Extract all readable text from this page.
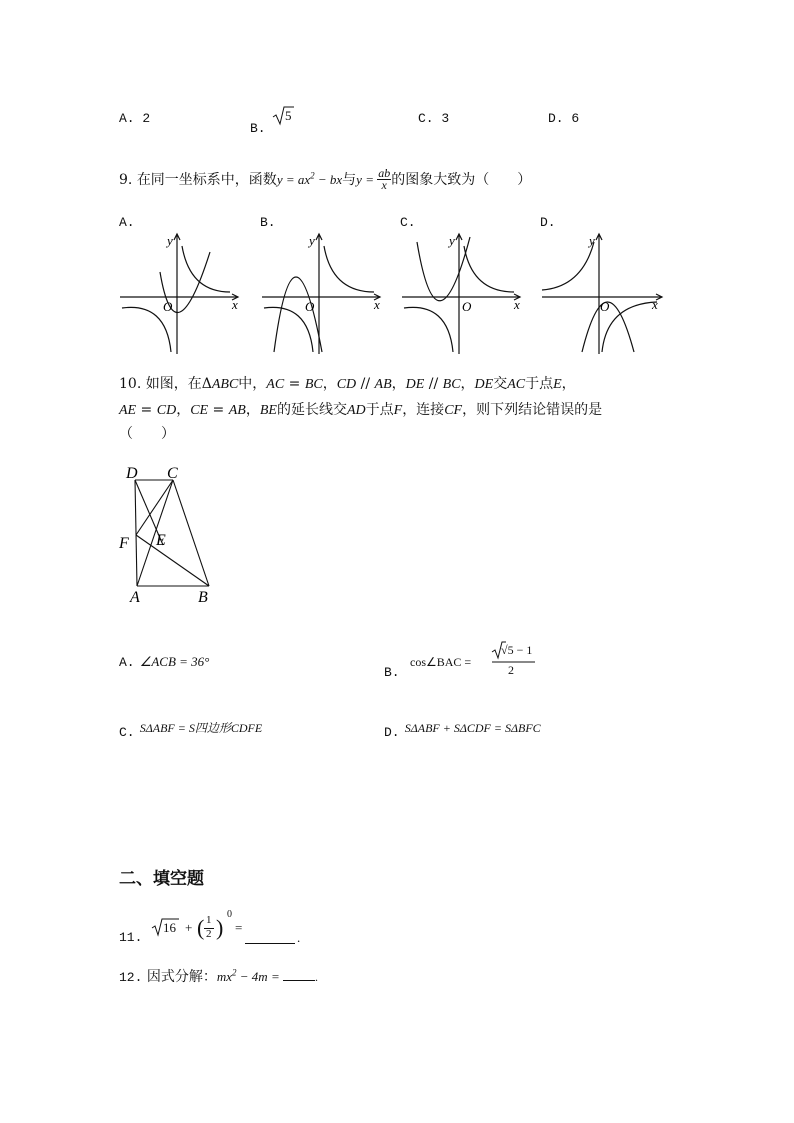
A. 2
$_{B.}$
5	C. 3	D. 6
9. 在同一坐标系中，函数$y = ax^2$ − bx与$y = \frac{ab}{x}$ 的图象大致为（　　）
A.	B.	C.	D.
y
x
O
y
x
O
y
x
O
y
x
O
10. 如图，在ΔABC中，AC = BC，CD // AB，DE // BC，DE交AC于点E，
AE = CD，CE = AB，BE的延长线交AD于点F，连接CF，则下列结论错误的是
（　　）
D C
F E
A	B
A. ∠ACB = 36°
B.
cos∠BAC =
√5 − 1
2
$_{C.}$ SΔABF = S四边形CDFE	$_{D.}$ SΔABF + SΔCDF = SΔBFC
二、填空题
11.
16 + ( 1
2 )
0
=
.
12. 因式分解：$mx^2 - 4m$ =	.
